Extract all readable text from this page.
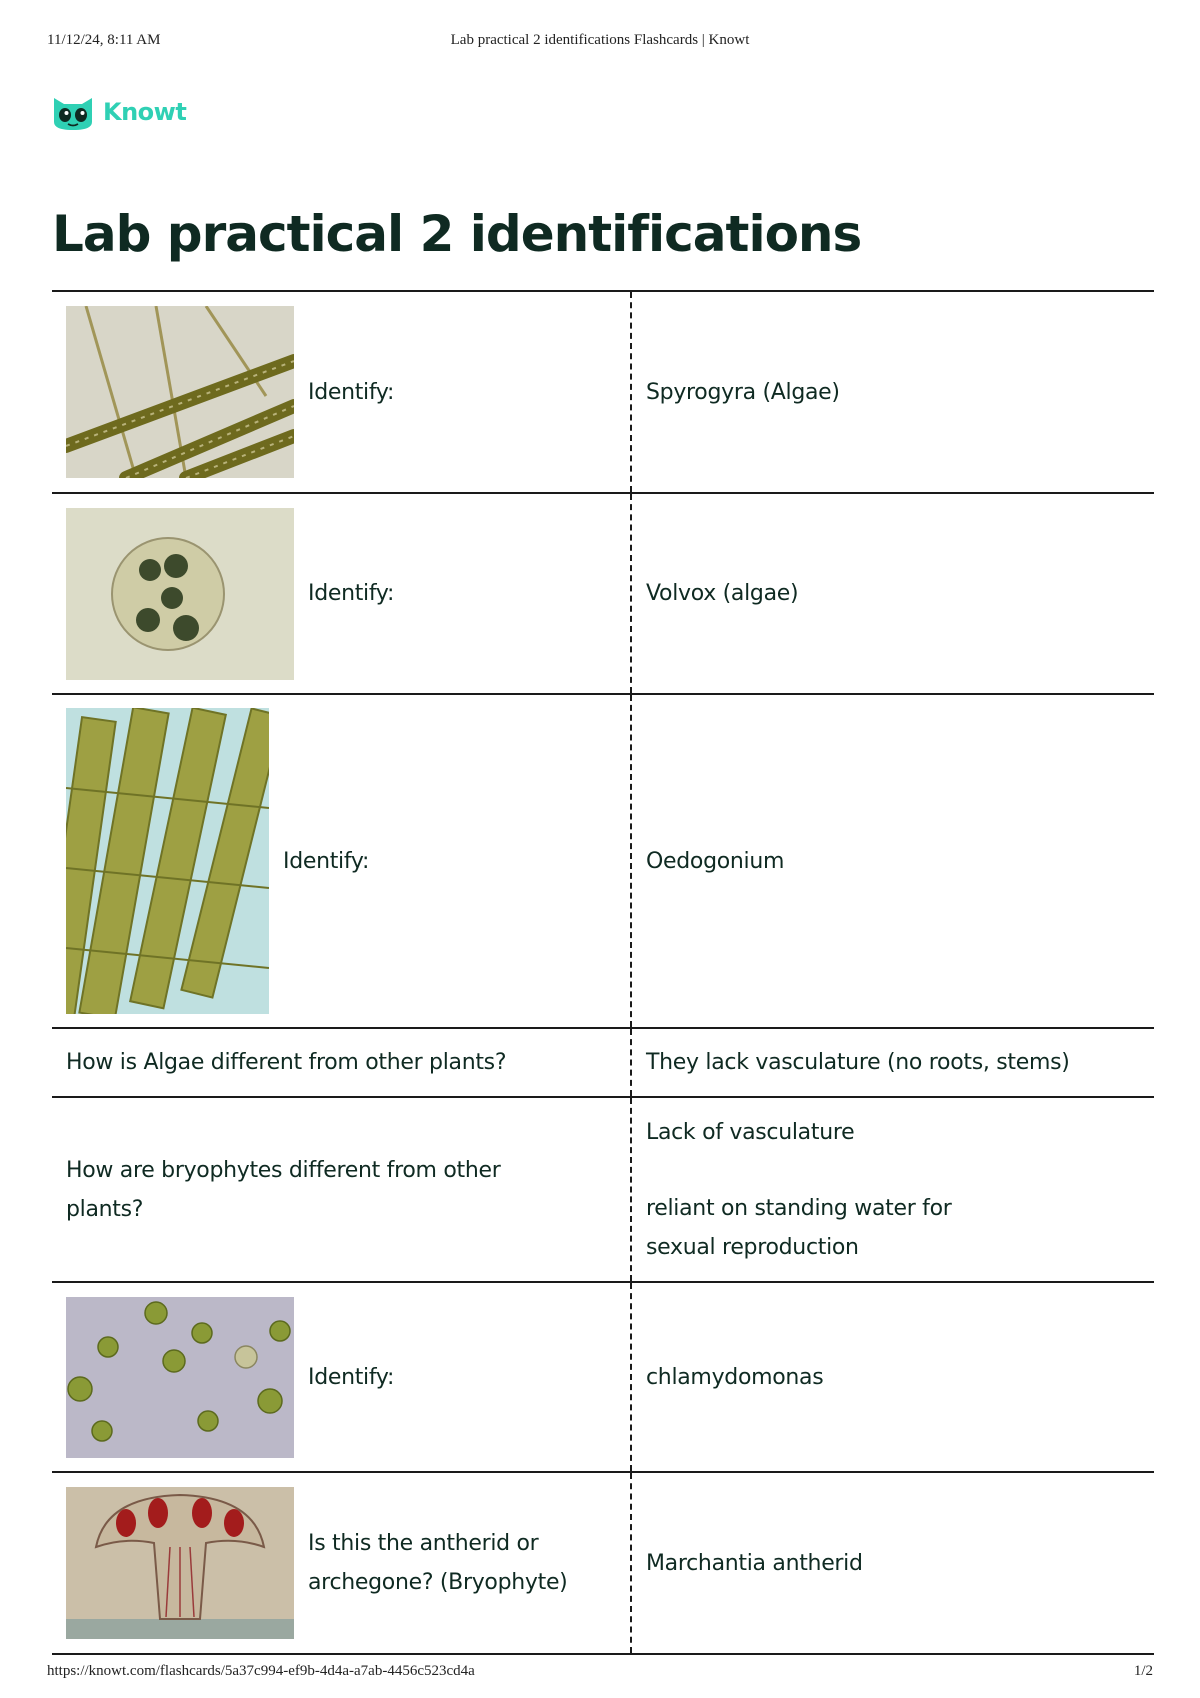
11/12/24, 8:11 AM	Lab practical 2 identifications Flashcards | Knowt
Knowt
Lab practical 2 identifications
Identify:	Spyrogyra (Algae)

Identify:	Volvox (algae)

Identify:	Oedogonium

How is Algae different from other plants?	They lack vasculature (no roots, stems)

How are bryophytes different from other plants?	Lack of vasculature
reliant on standing water for sexual reproduction

Identify:	chlamydomonas

Is this the antherid or archegone? (Bryophyte)	Marchantia antherid
https://knowt.com/flashcards/5a37c994-ef9b-4d4a-a7ab-4456c523cd4a	1/2
